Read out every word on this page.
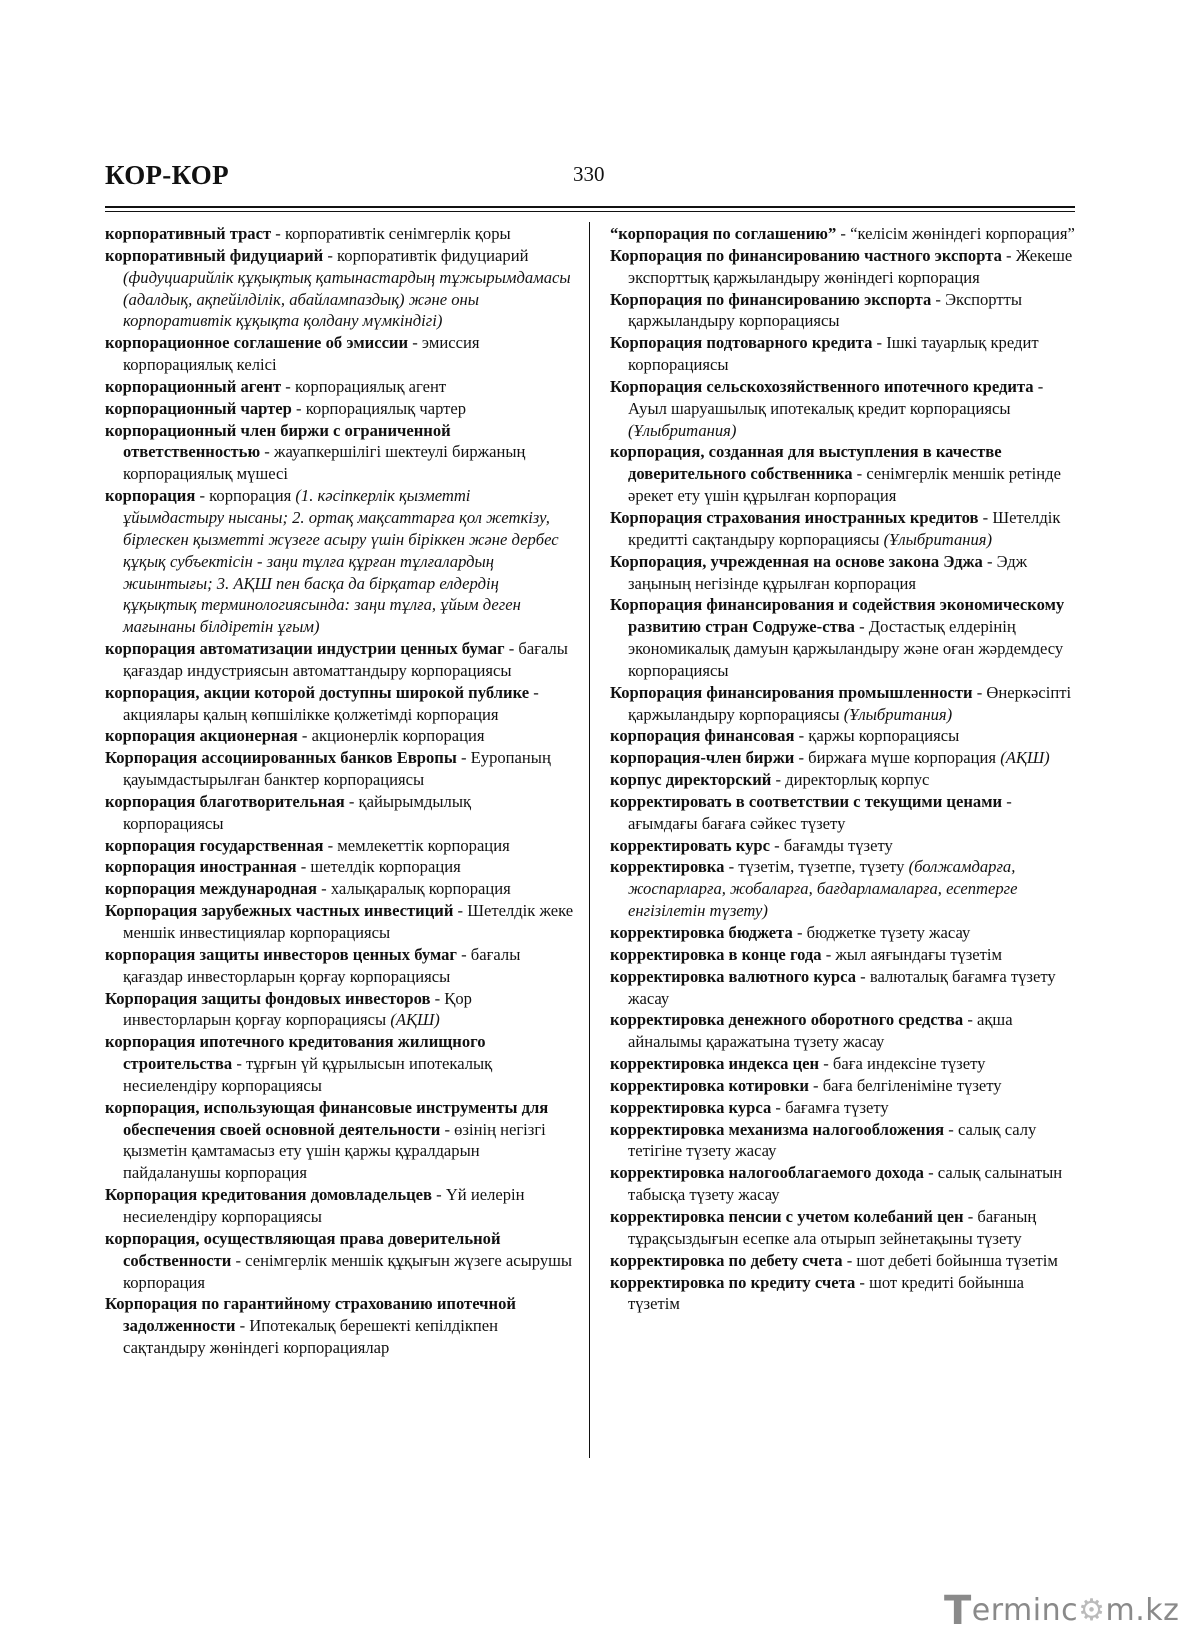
КОР-КОР	330

корпоративный траст - корпоративтік сенімгерлік қоры

корпоративный фидуциарий - корпоративтік фидуциарий (фидуциарийлік құқықтық қатынастардың тұжырымдамасы (адалдық, ақпейілділік, абайлампаздық) және оны корпоративтік құқықта қолдану мүмкіндігі)

корпорационное соглашение об эмиссии - эмиссия корпорациялық келісі

корпорационный агент - корпорациялық агент

корпорационный чартер - корпорациялық чартер

корпорационный член биржи с ограниченной ответственностью - жауапкершілігі шектеулі биржаның корпорациялық мүшесі

корпорация - корпорация (1. кәсіпкерлік қызметті ұйымдастыру нысаны; 2. ортақ мақсаттарға қол жеткізу, бірлескен қызметті жүзеге асыру үшін біріккен және дербес құқық субъектісін - заңи тұлға құрған тұлғалардың жиынтығы; 3. АҚШ пен басқа да бірқатар елдердің құқықтық терминологиясында: заңи тұлға, ұйым деген мағынаны білдіретін ұғым)

корпорация автоматизации индустрии ценных бумаг - бағалы қағаздар индустриясын автоматтандыру корпорациясы

корпорация, акции которой доступны широкой публике - акциялары қалың көпшілікке қолжетімді корпорация

корпорация акционерная - акционерлік корпорация

Корпорация ассоциированных банков Европы - Еуропаның қауымдастырылған банктер корпорациясы

корпорация благотворительная - қайырымдылық корпорациясы

корпорация государственная - мемлекеттік корпорация

корпорация иностранная - шетелдік корпорация

корпорация международная - халықаралық корпорация

Корпорация зарубежных частных инвестиций - Шетелдік жеке меншік инвестициялар корпорациясы

корпорация защиты инвесторов ценных бумаг - бағалы қағаздар инвесторларын қорғау корпорациясы

Корпорация защиты фондовых инвесторов - Қор инвесторларын қорғау корпорациясы (АҚШ)

корпорация ипотечного кредитования жилищного строительства - тұрғын үй құрылысын ипотекалық несиелендіру корпорациясы

корпорация, использующая финансовые инструменты для обеспечения своей основной деятельности - өзінің негізгі қызметін қамтамасыз ету үшін қаржы құралдарын пайдаланушы корпорация

Корпорация кредитования домовладельцев - Үй иелерін несиелендіру корпорациясы

корпорация, осуществляющая права доверительной собственности - сенімгерлік меншік құқығын жүзеге асырушы корпорация

Корпорация по гарантийному страхованию ипотечной задолженности - Ипотекалық берешекті кепілдікпен сақтандыру жөніндегі корпорациялар

“корпорация по соглашению” - “келісім жөніндегі корпорация”

Корпорация по финансированию частного экспорта - Жекеше экспорттық қаржыландыру жөніндегі корпорация

Корпорация по финансированию экспорта - Экспортты қаржыландыру корпорациясы

Корпорация подтоварного кредита - Ішкі тауарлық кредит корпорациясы

Корпорация сельскохозяйственного ипотечного кредита - Ауыл шаруашылық ипотекалық кредит корпорациясы (Ұлыбритания)

корпорация, созданная для выступления в качестве доверительного собственника - сенімгерлік меншік ретінде әрекет ету үшін құрылған корпорация

Корпорация страхования иностранных кредитов - Шетелдік кредитті сақтандыру корпорациясы (Ұлыбритания)

Корпорация, учрежденная на основе закона Эджа - Эдж заңының негізінде құрылған корпорация

Корпорация финансирования и содействия экономическому развитию стран Содруже-ства - Достастық елдерінің экономикалық дамуын қаржыландыру және оған жәрдемдесу корпорациясы

Корпорация финансирования промышленности - Өнеркәсіпті қаржыландыру корпорациясы (Ұлыбритания)

корпорация финансовая - қаржы корпорациясы

корпорация-член биржи - биржаға мүше корпорация (АҚШ)

корпус директорский - директорлық корпус

корректировать в соответствии с текущими ценами - ағымдағы бағаға сәйкес түзету

корректировать курс - бағамды түзету

корректировка - түзетім, түзетпе, түзету (болжамдарға, жоспарларға, жобаларға, бағдарламаларға, есептерге енгізілетін түзету)

корректировка бюджета - бюджетке түзету жасау

корректировка в конце года - жыл аяғындағы түзетім

корректировка валютного курса - валюталық бағамға түзету жасау

корректировка денежного оборотного средства - ақша айналымы қаражатына түзету жасау

корректировка индекса цен - баға индексіне түзету

корректировка котировки - баға белгіленіміне түзету

корректировка курса - бағамға түзету

корректировка механизма налогообложения - салық салу тетігіне түзету жасау

корректировка налогооблагаемого дохода - салық салынатын табысқа түзету жасау

корректировка пенсии с учетом колебаний цен - бағаның тұрақсыздығын есепке ала отырып зейнетақыны түзету

корректировка по дебету счета - шот дебеті бойынша түзетім

корректировка по кредиту счета - шот кредиті бойынша түзетім

Terminc⚙m.kz
